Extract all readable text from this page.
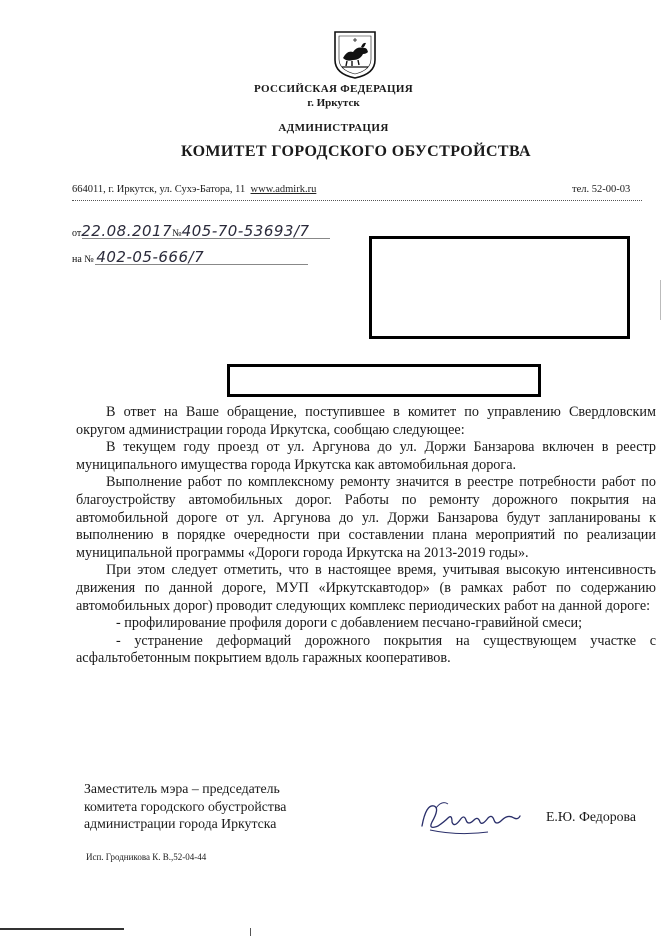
РОССИЙСКАЯ ФЕДЕРАЦИЯ
г. Иркутск
АДМИНИСТРАЦИЯ
КОМИТЕТ ГОРОДСКОГО ОБУСТРОЙСТВА
664011, г. Иркутск, ул. Сухэ-Батора, 11 www.admirk.ru	тел. 52-00-03
от22.08.2017№405-70-53693/7
на № 402-05-666/7

В ответ на Ваше обращение, поступившее в комитет по управлению Свердловским округом администрации города Иркутска, сообщаю следующее:

В текущем году проезд от ул. Аргунова до ул. Доржи Банзарова включен в реестр муниципального имущества города Иркутска как автомобильная дорога.

Выполнение работ по комплексному ремонту значится в реестре потребности работ по благоустройству автомобильных дорог. Работы по ремонту дорожного покрытия на автомобильной дороге от ул. Аргунова до ул. Доржи Банзарова будут запланированы к выполнению в порядке очередности при составлении плана мероприятий по реализации муниципальной программы «Дороги города Иркутска на 2013-2019 годы».

При этом следует отметить, что в настоящее время, учитывая высокую интенсивность движения по данной дороге, МУП «Иркутскавтодор» (в рамках работ по содержанию автомобильных дорог) проводит следующих комплекс периодических работ на данной дороге:

- профилирование профиля дороги с добавлением песчано-гравийной смеси;

- устранение деформаций дорожного покрытия на существующем участке с асфальтобетонным покрытием вдоль гаражных кооперативов.

Заместитель мэра – председатель
комитета городского обустройства
администрации города Иркутска	Е.Ю. Федорова
Исп. Гродникова К. В.,52-04-44
